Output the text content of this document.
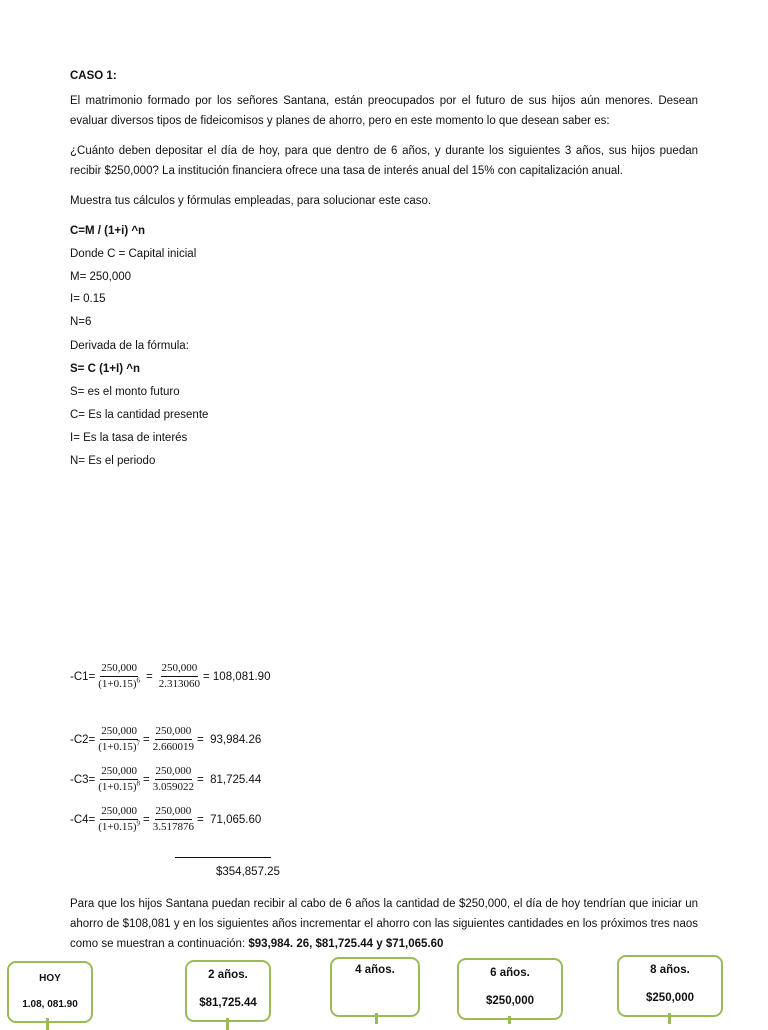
CASO 1:
El matrimonio formado por los señores Santana, están preocupados por el futuro de sus hijos aún menores. Desean evaluar diversos tipos de fideicomisos y planes de ahorro, pero en este momento lo que desean saber es:
¿Cuánto deben depositar el día de hoy, para que dentro de 6 años, y durante los siguientes 3 años, sus hijos puedan recibir $250,000? La institución financiera ofrece una tasa de interés anual del 15% con capitalización anual.
Muestra tus cálculos y fórmulas empleadas, para solucionar este caso.
C=M / (1+i) ^n
Donde C = Capital inicial
M= 250,000
I= 0.15
N=6
Derivada de la fórmula:
S= C (1+I) ^n
S= es el monto futuro
C= Es la cantidad presente
I= Es la tasa de interés
N= Es el periodo
$-C1= \frac{250,000}{(1+0.15)^6} = \frac{250,000}{2.313060} = 108,081.90$
$-C2= \frac{250,000}{(1+0.15)^7} = \frac{250,000}{2.660019} = 93,984.26$
$-C3= \frac{250,000}{(1+0.15)^8} = \frac{250,000}{3.059022} = 81,725.44$
$-C4= \frac{250,000}{(1+0.15)^9} = \frac{250,000}{3.517876} = 71,065.60$
$354,857.25
Para que los hijos Santana puedan recibir al cabo de 6 años la cantidad de $250,000, el día de hoy tendrían que iniciar un ahorro de $108,081 y en los siguientes años incrementar el ahorro con las siguientes cantidades en los próximos tres naos como se muestran a continuación: $93,984. 26, $81,725.44 y $71,065.60
HOY
1.08, 081.90
2 años.
$81,725.44
4 años.	6 años.
$250,000
8 años.
$250,000
